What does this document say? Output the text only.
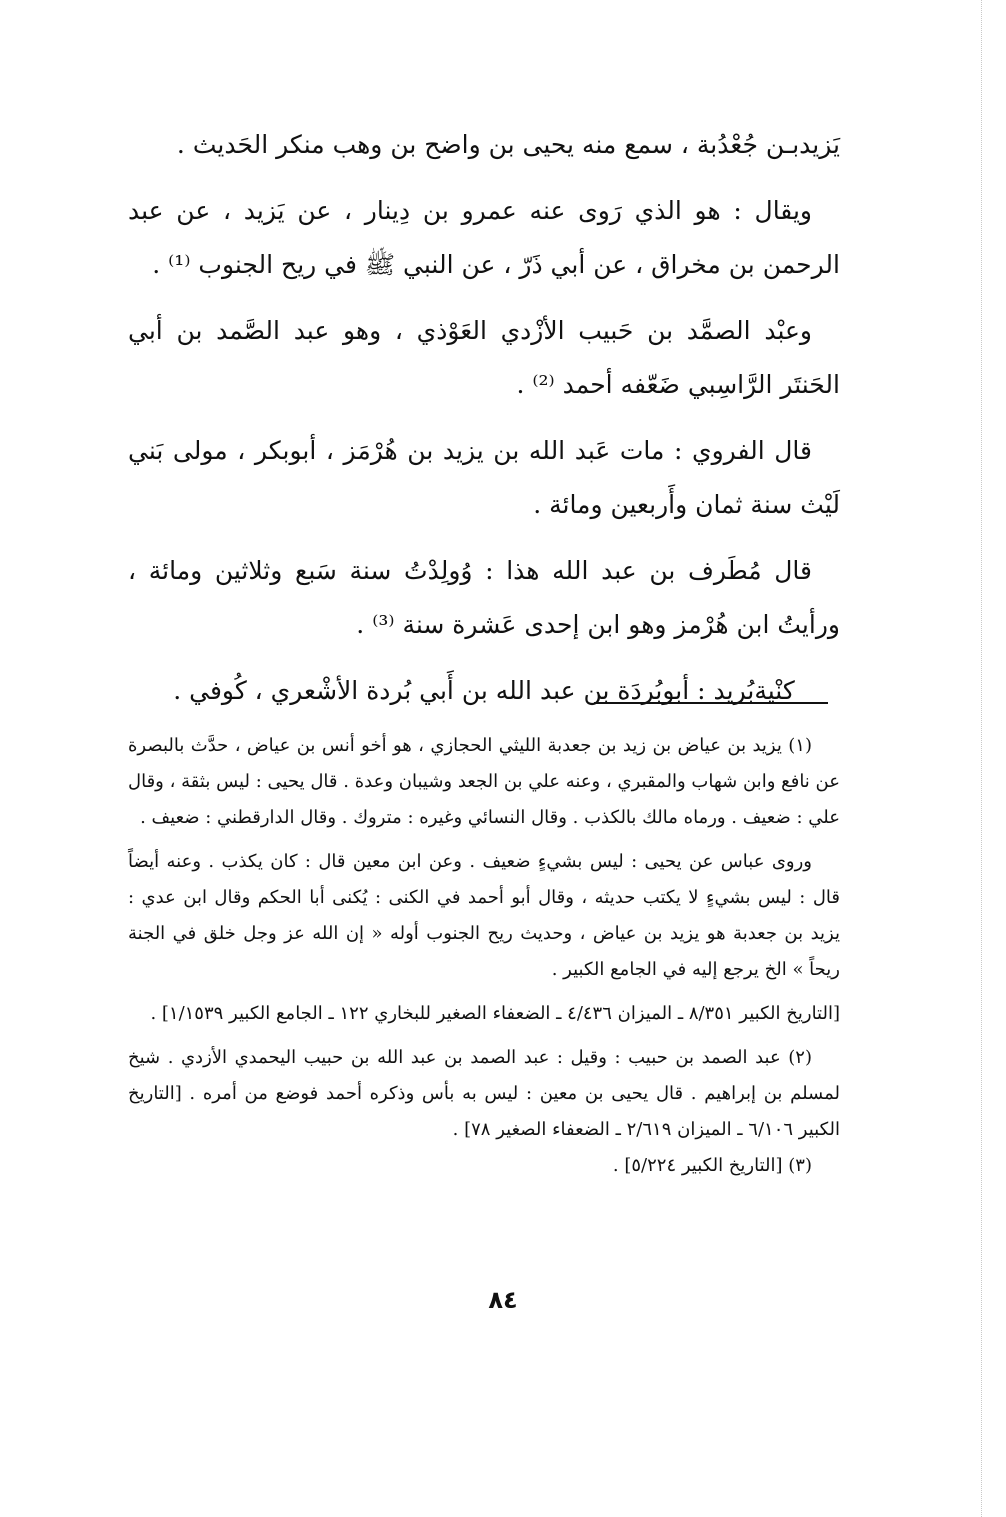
يَزيدبـن جُعْدُبة ، سمع منه يحيى بن واضح بن وهب منكر الحَديث .

ويقال : هو الذي رَوى عنه عمرو بن دِينار ، عن يَزيد ، عن عبد الرحمن بن مخراق ، عن أبي ذَرّ ، عن النبي ﷺ في ريح الجنوب ⁽¹⁾ .

وعبْد الصمَّد بن حَبيب الأزْدي العَوْذي ، وهو عبد الصَّمد بن أبي الحَنتَر الرَّاسِبي ضَعّفه أحمد ⁽²⁾ .

قال الفروي : مات عَبد الله بن يزيد بن هُرْمَز ، أبوبكر ، مولى بَني لَيْث سنة ثمان وأَربعين ومائة .

قال مُطَرف بن عبد الله هذا : وُولِدْتُ سنة سَبع وثلاثين ومائة ، ورأيتُ ابن هُرْمز وهو ابن إحدى عَشرة سنة ⁽³⁾ .

كنْيةبُريد : أبوبُردَة بن عبد الله بن أَبي بُردة الأشْعري ، كُوفي .

(١) يزيد بن عياض بن زيد بن جعدبة الليثي الحجازي ، هو أخو أنس بن عياض ، حدَّث بالبصرة عن نافع وابن شهاب والمقبري ، وعنه علي بن الجعد وشيبان وعدة . قال يحيى : ليس بثقة ، وقال علي : ضعيف . ورماه مالك بالكذب . وقال النسائي وغيره : متروك . وقال الدارقطني : ضعيف .

وروى عباس عن يحيى : ليس بشيءٍ ضعيف . وعن ابن معين قال : كان يكذب . وعنه أيضاً قال : ليس بشيءٍ لا يكتب حديثه ، وقال أبو أحمد في الكنى : يُكنى أبا الحكم وقال ابن عدي : يزيد بن جعدبة هو يزيد بن عياض ، وحديث ريح الجنوب أوله « إن الله عز وجل خلق في الجنة ريحاً » الخ يرجع إليه في الجامع الكبير .

[التاريخ الكبير ٨/٣٥١ ـ الميزان ٤/٤٣٦ ـ الضعفاء الصغير للبخاري ١٢٢ ـ الجامع الكبير ١/١٥٣٩] .

(٢) عبد الصمد بن حبيب : وقيل : عبد الصمد بن عبد الله بن حبيب اليحمدي الأزدي . شيخ لمسلم بن إبراهيم . قال يحيى بن معين : ليس به بأس وذكره أحمد فوضع من أمره . [التاريخ الكبير ٦/١٠٦ ـ الميزان ٢/٦١٩ ـ الضعفاء الصغير ٧٨] .

(٣) [التاريخ الكبير ٥/٢٢٤] .

٨٤
